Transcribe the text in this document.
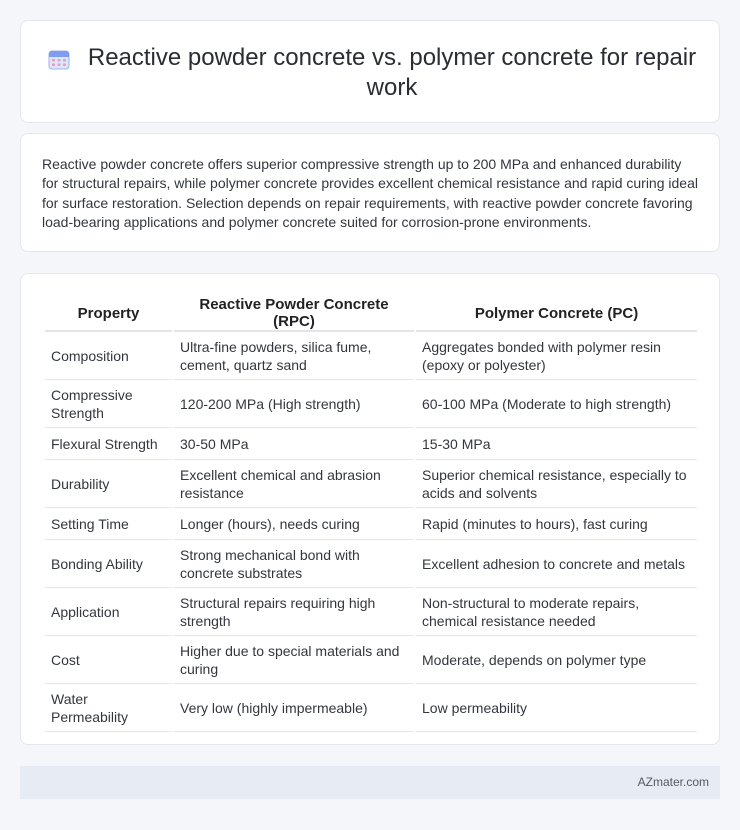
Reactive powder concrete vs. polymer concrete for repair work

Reactive powder concrete offers superior compressive strength up to 200 MPa and enhanced durability for structural repairs, while polymer concrete provides excellent chemical resistance and rapid curing ideal for surface restoration. Selection depends on repair requirements, with reactive powder concrete favoring load-bearing applications and polymer concrete suited for corrosion-prone environments.

Property	Reactive Powder Concrete (RPC)	Polymer Concrete (PC)
Composition	Ultra-fine powders, silica fume, cement, quartz sand	Aggregates bonded with polymer resin (epoxy or polyester)
Compressive Strength	120-200 MPa (High strength)	60-100 MPa (Moderate to high strength)
Flexural Strength	30-50 MPa	15-30 MPa
Durability	Excellent chemical and abrasion resistance	Superior chemical resistance, especially to acids and solvents
Setting Time	Longer (hours), needs curing	Rapid (minutes to hours), fast curing
Bonding Ability	Strong mechanical bond with concrete substrates	Excellent adhesion to concrete and metals
Application	Structural repairs requiring high strength	Non-structural to moderate repairs, chemical resistance needed
Cost	Higher due to special materials and curing	Moderate, depends on polymer type
Water Permeability	Very low (highly impermeable)	Low permeability
AZmater.com
